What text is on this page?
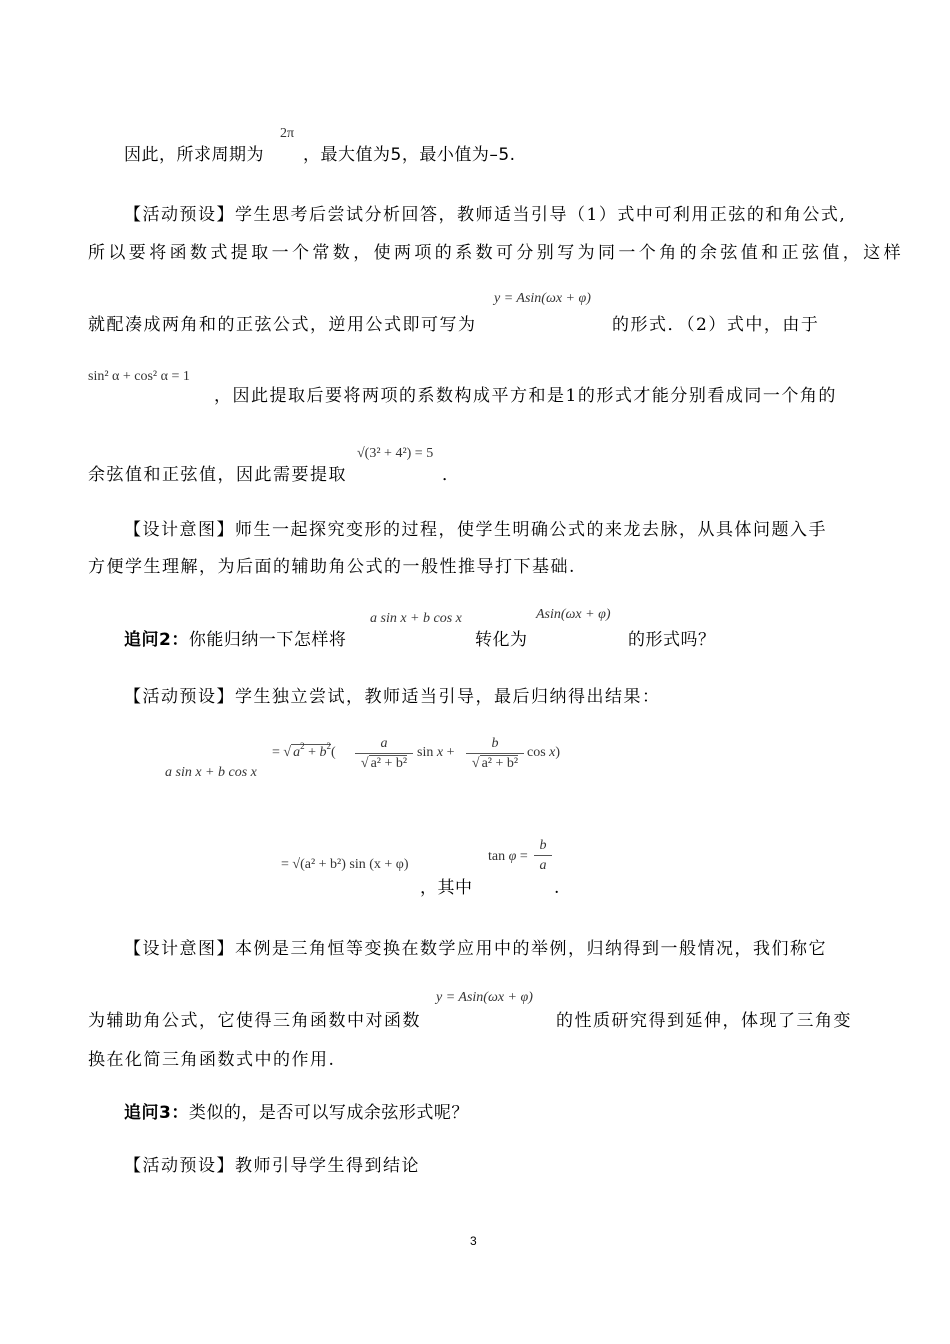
2π
因此，所求周期为 ，最大值为5，最小值为–5.
【活动预设】学生思考后尝试分析回答，教师适当引导（1）式中可利用正弦的和角公式,
所以要将函数式提取一个常数，使两项的系数可分别写为同一个角的余弦值和正弦值，这样
y = Asin(ωx + φ)
就配凑成两角和的正弦公式，逆用公式即可写为	的形式．（2）式中，由于
sin² α + cos² α = 1
，因此提取后要将两项的系数构成平方和是1的形式才能分别看成同一个角的
√(3² + 4²) = 5
余弦值和正弦值，因此需要提取	．
【设计意图】师生一起探究变形的过程，使学生明确公式的来龙去脉，从具体问题入手
方便学生理解，为后面的辅助角公式的一般性推导打下基础.
a sin x + b cos x	Asin(ωx + φ)
追问2：你能归纳一下怎样将	转化为	的形式吗？
【活动预设】学生独立尝试，教师适当引导，最后归纳得出结果：
a sin x + b cos x
= √ $a^2 + b^2$(
a
√ a² + b²
sin x +
b
√ a² + b²
cos x)
= √(a² + b²) sin (x + φ)
tan φ =
b
a
，其中	.
【设计意图】本例是三角恒等变换在数学应用中的举例，归纳得到一般情况，我们称它
y = Asin(ωx + φ)
为辅助角公式，它使得三角函数中对函数	的性质研究得到延伸，体现了三角变
换在化简三角函数式中的作用.
追问3：类似的，是否可以写成余弦形式呢？
【活动预设】教师引导学生得到结论
3
